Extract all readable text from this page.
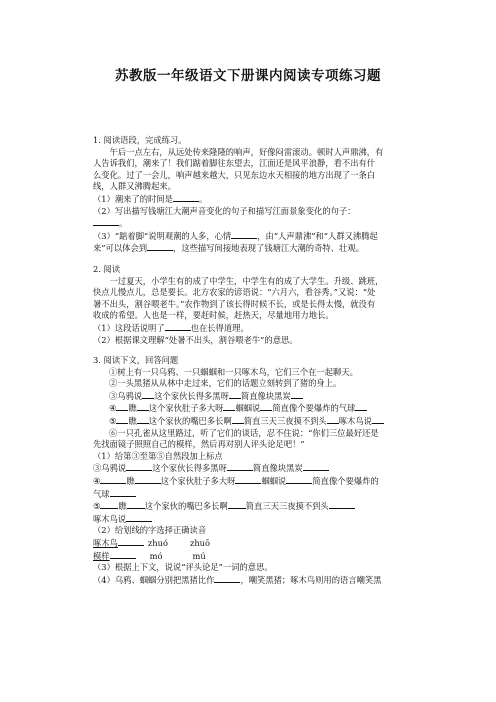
苏教版一年级语文下册课内阅读专项练习题

1. 阅读语段，完成练习。

午后一点左右，从远处传来隆隆的响声，好像闷雷滚动。顿时人声鼎沸，有

人告诉我们，潮来了！我们踮着脚往东望去，江面还是风平浪静，看不出有什

么变化。过了一会儿，响声越来越大，只见东边水天相接的地方出现了一条白

线，人群又沸腾起来。

（1）潮来了的时间是	。

（2）写出描写钱塘江大潮声音变化的句子和描写江面景象变化的句子：

。

（3）“踮着脚”说明观潮的人多，心情	，由“人声鼎沸”和“人群又沸腾起

来”可以体会到	，这些描写间接地表现了钱塘江大潮的奇特、壮观。

2. 阅读

一过夏天，小学生有的成了中学生，中学生有的成了大学生。升级、跳班，

快点儿慢点儿，总是要长。北方农家的谚语说：“六月六，看谷秀。”又说：“处

暑不出头，割谷喂老牛。”农作物到了该长得时候不长，或是长得太慢，就没有

收成的希望。人也是一样，要赶时候，赶热天，尽量地用力地长。

（1）这段话说明了	也在长得道理。

（2）根据课文理解“处暑不出头，割谷喂老牛”的意思。

3. 阅读下文，回答问题

①树上有一只乌鸦、一只蝈蝈和一只啄木鸟，它们三个在一起聊天。

②一头黑猪从从林中走过来，它们的话题立刻转到了猪的身上。

③乌鸦说 这个家伙长得多黑呀 简直像块黑炭

④ 瞧 这个家伙肚子多大呀 蝈蝈说 简直像个要爆炸的气球

⑤ 瞧 这个家伙的嘴巴多长啊 简直三天三夜摸不到头 啄木鸟说

⑥一只孔雀从这里路过，听了它们的谈话，忍不住说：“你们三位最好还是

先找面镜子照照自己的模样，然后再对别人评头论足吧！”

（1）给第③至第⑤自然段加上标点

③乌鸦说	这个家伙长得多黑呀	简直像块黑炭

④	瞧	这个家伙肚子多大呀	蝈蝈说	简直像个要爆炸的

气球

⑤ 瞧 这个家伙的嘴巴多长啊 简直三天三夜摸不到头

啄木鸟说

（2）给划线的字选择正确读音

啄木鸟	zhuó	zhuō

模样	mó	mú

（3）根据上下文，说说“评头论足”一词的意思。

（4）乌鸦、蝈蝈分别把黑猪比作	，嘲笑黑猪；啄木鸟则用的语言嘲笑黑
